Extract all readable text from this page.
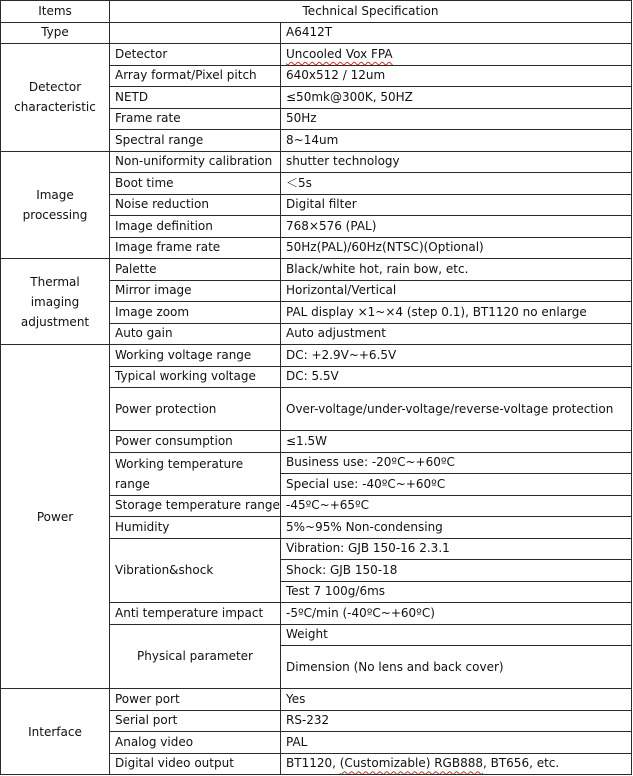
Items	Technical Specification		
Type		A6412T	
Detector characteristic	Detector	Uncooled Vox FPA	
	Array format/Pixel pitch	640x512 / 12um	
	NETD	≤50mk@300K, 50HZ	
	Frame rate	50Hz	
	Spectral range	8~14um	
Image processing	Non-uniformity calibration	shutter technology	
	Boot time	＜5s	
	Noise reduction	Digital filter	
	Image definition	768×576 (PAL)	
	Image frame rate	50Hz(PAL)/60Hz(NTSC)(Optional)	
Thermal imaging adjustment	Palette	Black/white hot, rain bow, etc.	
	Mirror image	Horizontal/Vertical	
	Image zoom	PAL display ×1~×4 (step 0.1), BT1120 no enlarge	
	Auto gain	Auto adjustment	
Power	Working voltage range	DC: +2.9V~+6.5V	
	Typical working voltage	DC: 5.5V	
	Power protection	Over-voltage/under-voltage/reverse-voltage protection	
	Power consumption	≤1.5W	
	Working temperature range	Business use: -20ºC~+60ºC	
		Special use: -40ºC~+60ºC	
	Storage temperature range	-45ºC~+65ºC	
	Humidity	5%~95% Non-condensing	
	Vibration&shock	Vibration: GJB 150-16 2.3.1	
		Shock: GJB 150-18	
		Test 7 100g/6ms	
	Anti temperature impact	-5ºC/min (-40ºC~+60ºC)	
	Physical parameter	Weight	
		Dimension (No lens and back cover)	
Interface	Power port	Yes	
	Serial port	RS-232	
	Analog video	PAL	
	Digital video output	BT1120, (Customizable) RGB888, BT656, etc.	
